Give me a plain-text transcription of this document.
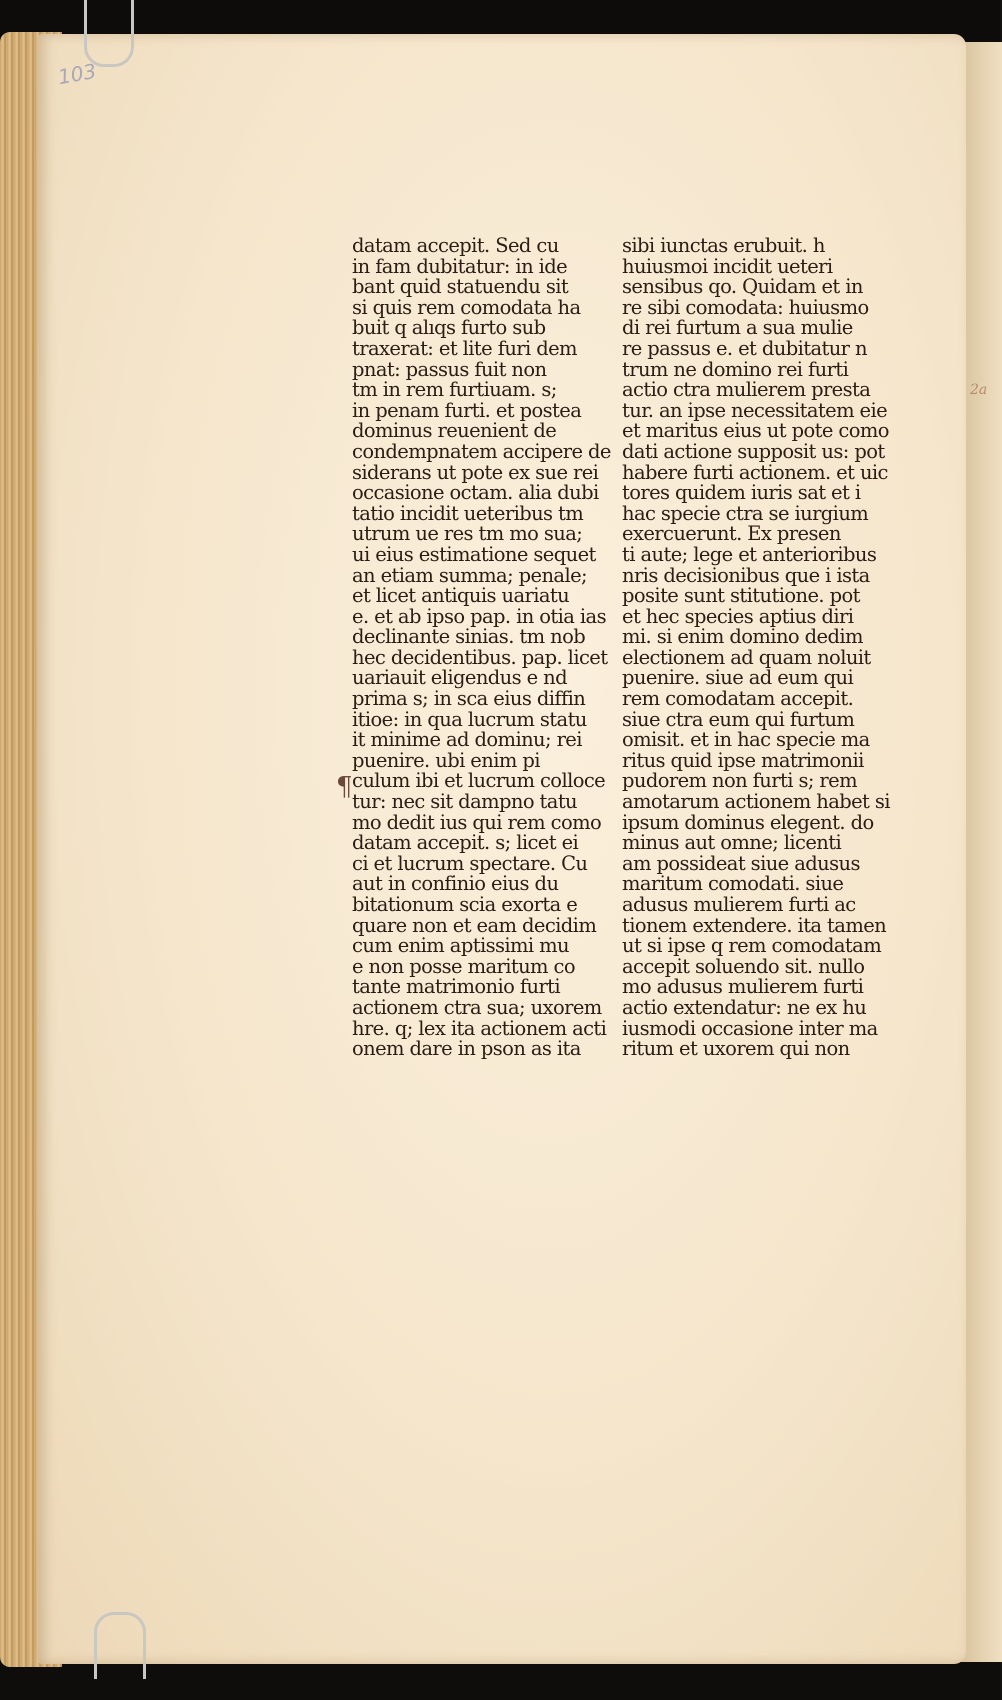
103
2a
¶
datam accepit. Sed cu
in fam dubitatur: in ide
bant quid statuendu sit
si quis rem comodata ha
buit q alıqs furto sub
traxerat: et lite furi dem
pnat: passus fuit non
tm in rem furtiuam. s;
in penam furti. et postea
dominus reuenient de
condempnatem accipere de
siderans ut pote ex sue rei
occasione octam. alia dubi
tatio incidit ueteribus tm
utrum ue res tm mo sua;
ui eius estimatione sequet
an etiam summa; penale;
et licet antiquis uariatu
e. et ab ipso pap. in otia ias
declinante sinias. tm nob
hec decidentibus. pap. licet
uariauit eligendus e nd
prima s; in sca eius diffin
itioe: in qua lucrum statu
it minime ad dominu; rei
puenire. ubi enim pi
culum ibi et lucrum colloce
tur: nec sit dampno tatu
mo dedit ius qui rem como
datam accepit. s; licet ei
ci et lucrum spectare. Cu
aut in confinio eius du
bitationum scia exorta e
quare non et eam decidim
cum enim aptissimi mu
e non posse maritum co
tante matrimonio furti
actionem ctra sua; uxorem
hre. q; lex ita actionem acti
onem dare in pson as ita
sibi iunctas erubuit. h
huiusmoi incidit ueteri
sensibus qo. Quidam et in
re sibi comodata: huiusmo
di rei furtum a sua mulie
re passus e. et dubitatur n
trum ne domino rei furti
actio ctra mulierem presta
tur. an ipse necessitatem eie
et maritus eius ut pote como
dati actione supposit us: pot
habere furti actionem. et uic
tores quidem iuris sat et i
hac specie ctra se iurgium
exercuerunt. Ex presen
ti aute; lege et anterioribus
nris decisionibus que i ista
posite sunt stitutione. pot
et hec species aptius diri
mi. si enim domino dedim
electionem ad quam noluit
puenire. siue ad eum qui
rem comodatam accepit.
siue ctra eum qui furtum
omisit. et in hac specie ma
ritus quid ipse matrimonii
pudorem non furti s; rem
amotarum actionem habet si
ipsum dominus elegent. do
minus aut omne; licenti
am possideat siue adusus
maritum comodati. siue
adusus mulierem furti ac
tionem extendere. ita tamen
ut si ipse q rem comodatam
accepit soluendo sit. nullo
mo adusus mulierem furti
actio extendatur: ne ex hu
iusmodi occasione inter ma
ritum et uxorem qui non
